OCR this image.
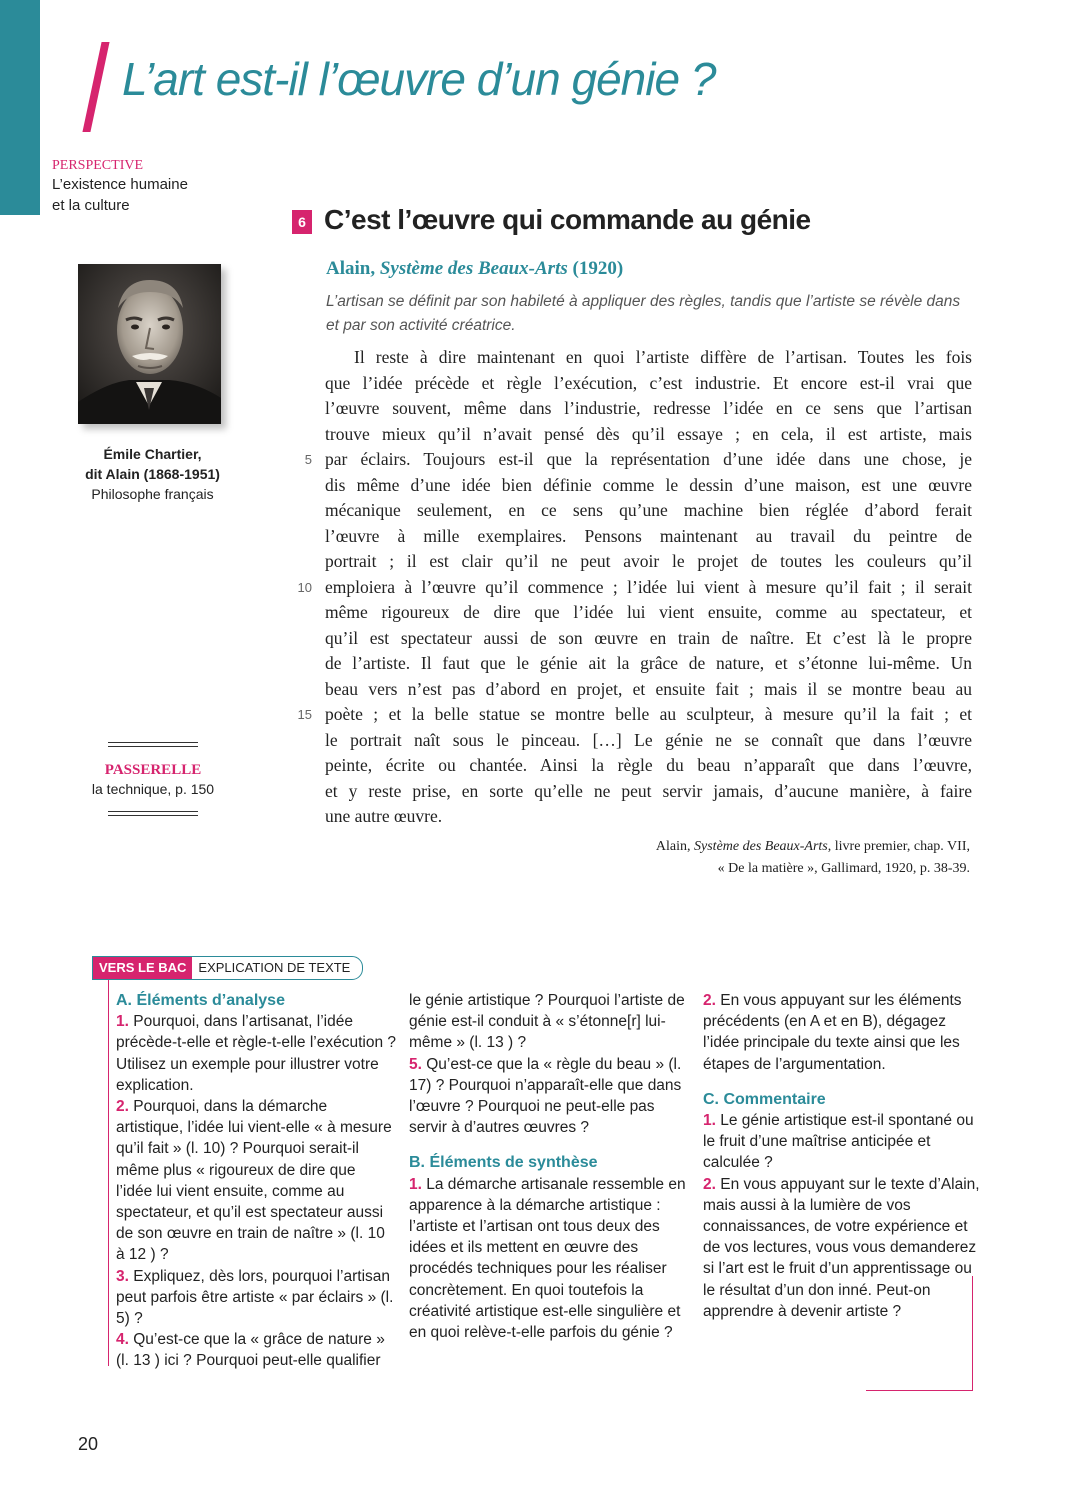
L’art est-il l’œuvre d’un génie ?
PERSPECTIVE
L’existence humaine
et la culture
Émile Chartier,
dit Alain (1868-1951)
Philosophe français
PASSERELLE
la technique, p. 150
6 C’est l’œuvre qui commande au génie
Alain, Système des Beaux-Arts (1920)
L’artisan se définit par son habileté à appliquer des règles, tandis que l’artiste se révèle dans et par son activité créatrice.
Il reste à dire maintenant en quoi l’artiste diffère de l’artisan. Toutes les fois
que l’idée précède et règle l’exécution, c’est industrie. Et encore est-il vrai que
l’œuvre souvent, même dans l’industrie, redresse l’idée en ce sens que l’artisan
trouve mieux qu’il n’avait pensé dès qu’il essaye ; en cela, il est artiste, mais
5 par éclairs. Toujours est-il que la représentation d’une idée dans une chose, je
dis même d’une idée bien définie comme le dessin d’une maison, est une œuvre
mécanique seulement, en ce sens qu’une machine bien réglée d’abord ferait
l’œuvre à mille exemplaires. Pensons maintenant au travail du peintre de
portrait ; il est clair qu’il ne peut avoir le projet de toutes les couleurs qu’il
10 emploiera à l’œuvre qu’il commence ; l’idée lui vient à mesure qu’il fait ; il serait
même rigoureux de dire que l’idée lui vient ensuite, comme au spectateur, et
qu’il est spectateur aussi de son œuvre en train de naître. Et c’est là le propre
de l’artiste. Il faut que le génie ait la grâce de nature, et s’étonne lui-même. Un
beau vers n’est pas d’abord en projet, et ensuite fait ; mais il se montre beau au
15 poète ; et la belle statue se montre belle au sculpteur, à mesure qu’il la fait ; et
le portrait naît sous le pinceau. […] Le génie ne se connaît que dans l’œuvre
peinte, écrite ou chantée. Ainsi la règle du beau n’apparaît que dans l’œuvre,
et y reste prise, en sorte qu’elle ne peut servir jamais, d’aucune manière, à faire
une autre œuvre.
Alain, Système des Beaux-Arts, livre premier, chap. VII,
« De la matière », Gallimard, 1920, p. 38-39.
VERS LE BAC EXPLICATION DE TEXTE
A. Éléments d’analyse
1. Pourquoi, dans l’artisanat, l’idée précède-t-elle et règle-t-elle l’exécution ? Utilisez un exemple pour illustrer votre explication.
2. Pourquoi, dans la démarche artistique, l’idée lui vient-elle « à mesure qu’il fait » (l. 10) ? Pourquoi serait-il même plus « rigoureux de dire que l’idée lui vient ensuite, comme au spectateur, et qu’il est spectateur aussi de son œuvre en train de naître » (l. 10 à 12 ) ?
3. Expliquez, dès lors, pourquoi l’artisan peut parfois être artiste « par éclairs » (l. 5) ?
4. Qu’est-ce que la « grâce de nature » (l. 13 ) ici ? Pourquoi peut-elle qualifier
le génie artistique ? Pourquoi l’artiste de génie est-il conduit à « s’étonne[r] lui-même » (l. 13 ) ?
5. Qu’est-ce que la « règle du beau » (l. 17) ? Pourquoi n’apparaît-elle que dans l’œuvre ? Pourquoi ne peut-elle pas servir à d’autres œuvres ?
B. Éléments de synthèse
1. La démarche artisanale ressemble en apparence à la démarche artistique : l’artiste et l’artisan ont tous deux des idées et ils mettent en œuvre des procédés techniques pour les réaliser concrètement. En quoi toutefois la créativité artistique est-elle singulière et en quoi relève-t-elle parfois du génie ?
2. En vous appuyant sur les éléments précédents (en A et en B), dégagez l’idée principale du texte ainsi que les étapes de l’argumentation.
C. Commentaire
1. Le génie artistique est-il spontané ou le fruit d’une maîtrise anticipée et calculée ?
2. En vous appuyant sur le texte d’Alain, mais aussi à la lumière de vos connaissances, de votre expérience et de vos lectures, vous vous demanderez si l’art est le fruit d’un apprentissage ou le résultat d’un don inné. Peut-on apprendre à devenir artiste ?
20
